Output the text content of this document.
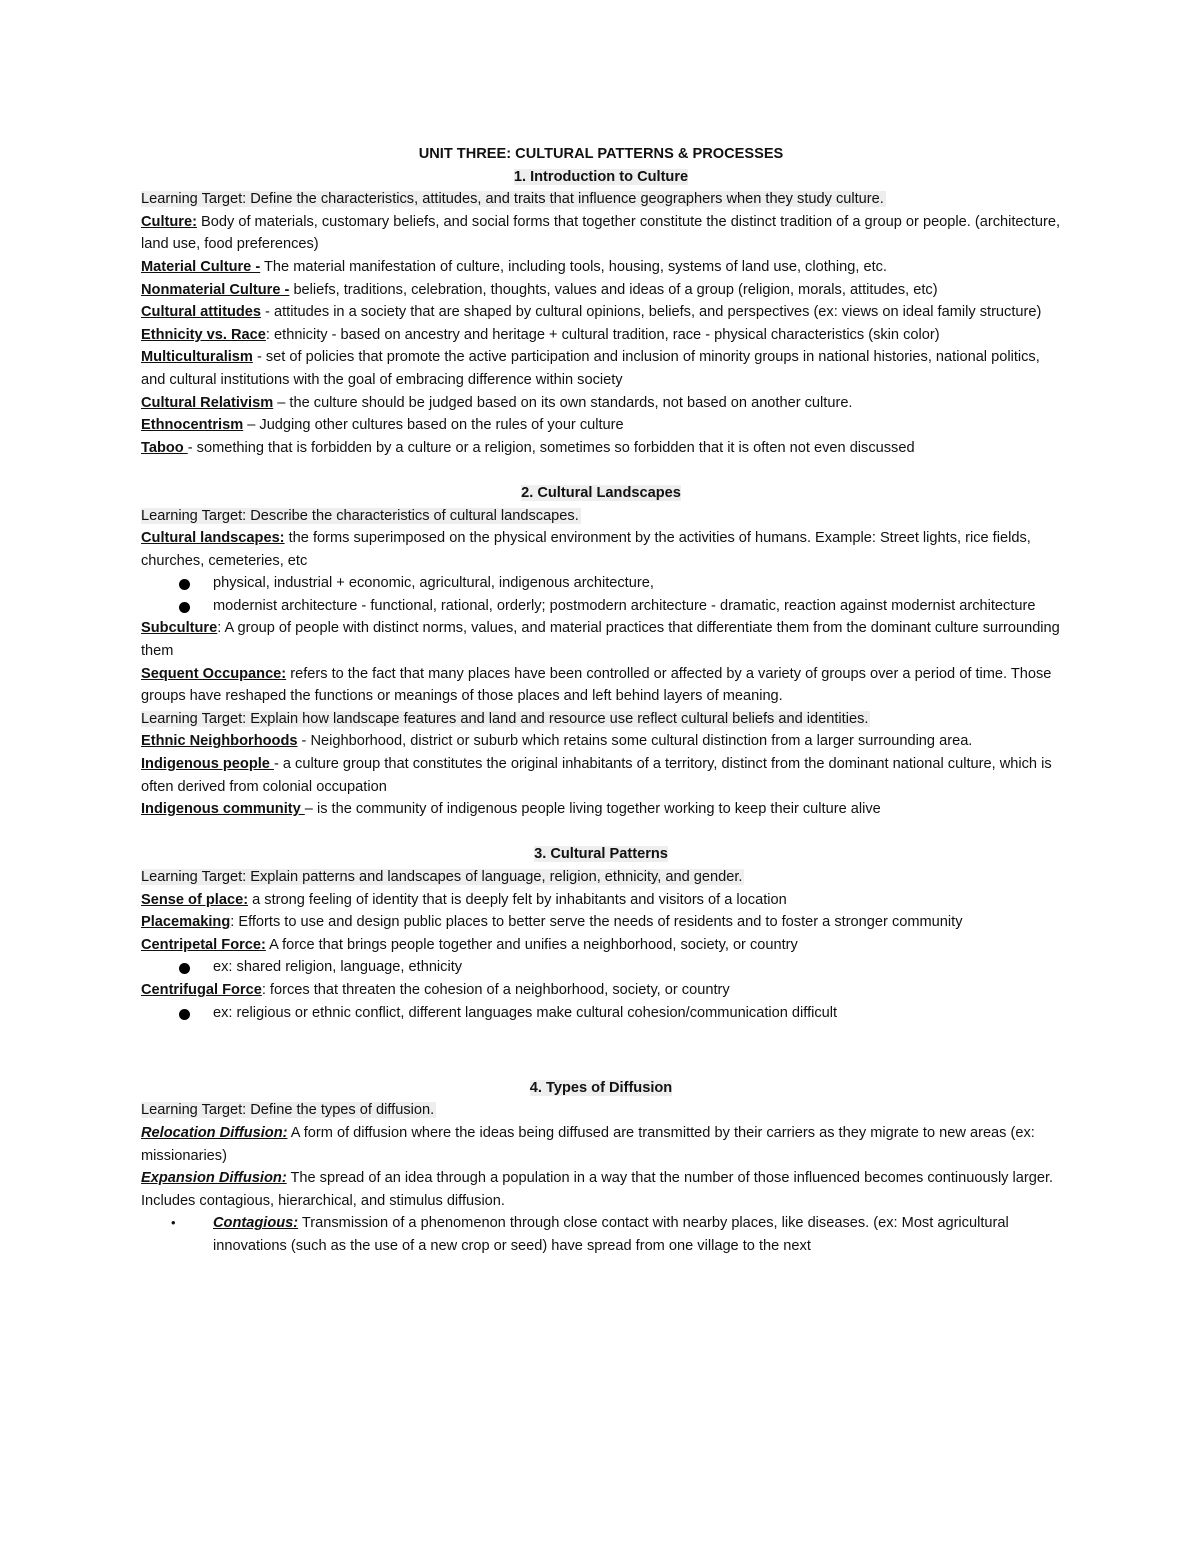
UNIT THREE: CULTURAL PATTERNS & PROCESSES
1. Introduction to Culture
Learning Target: Define the characteristics, attitudes, and traits that influence geographers when they study culture.

Culture: Body of materials, customary beliefs, and social forms that together constitute the distinct tradition of a group or people. (architecture, land use, food preferences)

Material Culture - The material manifestation of culture, including tools, housing, systems of land use, clothing, etc.

Nonmaterial Culture - beliefs, traditions, celebration, thoughts, values and ideas of a group (religion, morals, attitudes, etc)

Cultural attitudes - attitudes in a society that are shaped by cultural opinions, beliefs, and perspectives (ex: views on ideal family structure)

Ethnicity vs. Race: ethnicity - based on ancestry and heritage + cultural tradition, race - physical characteristics (skin color)

Multiculturalism - set of policies that promote the active participation and inclusion of minority groups in national histories, national politics, and cultural institutions with the goal of embracing difference within society

Cultural Relativism – the culture should be judged based on its own standards, not based on another culture.

Ethnocentrism – Judging other cultures based on the rules of your culture

Taboo - something that is forbidden by a culture or a religion, sometimes so forbidden that it is often not even discussed

2. Cultural Landscapes
Learning Target: Describe the characteristics of cultural landscapes.

Cultural landscapes: the forms superimposed on the physical environment by the activities of humans. Example: Street lights, rice fields, churches, cemeteries, etc

physical, industrial + economic, agricultural, indigenous architecture,
modernist architecture - functional, rational, orderly; postmodern architecture - dramatic, reaction against modernist architecture

Subculture: A group of people with distinct norms, values, and material practices that differentiate them from the dominant culture surrounding them

Sequent Occupance: refers to the fact that many places have been controlled or affected by a variety of groups over a period of time. Those groups have reshaped the functions or meanings of those places and left behind layers of meaning.

Learning Target: Explain how landscape features and land and resource use reflect cultural beliefs and identities.

Ethnic Neighborhoods - Neighborhood, district or suburb which retains some cultural distinction from a larger surrounding area.

Indigenous people - a culture group that constitutes the original inhabitants of a territory, distinct from the dominant national culture, which is often derived from colonial occupation

Indigenous community – is the community of indigenous people living together working to keep their culture alive

3. Cultural Patterns
Learning Target: Explain patterns and landscapes of language, religion, ethnicity, and gender.

Sense of place: a strong feeling of identity that is deeply felt by inhabitants and visitors of a location

Placemaking: Efforts to use and design public places to better serve the needs of residents and to foster a stronger community

Centripetal Force: A force that brings people together and unifies a neighborhood, society, or country

ex: shared religion, language, ethnicity

Centrifugal Force: forces that threaten the cohesion of a neighborhood, society, or country

ex: religious or ethnic conflict, different languages make cultural cohesion/communication difficult
4. Types of Diffusion
Learning Target: Define the types of diffusion.

Relocation Diffusion: A form of diffusion where the ideas being diffused are transmitted by their carriers as they migrate to new areas (ex: missionaries)

Expansion Diffusion: The spread of an idea through a population in a way that the number of those influenced becomes continuously larger. Includes contagious, hierarchical, and stimulus diffusion.

•	Contagious: Transmission of a phenomenon through close contact with nearby places, like diseases. (ex: Most agricultural innovations (such as the use of a new crop or seed) have spread from one village to the next
